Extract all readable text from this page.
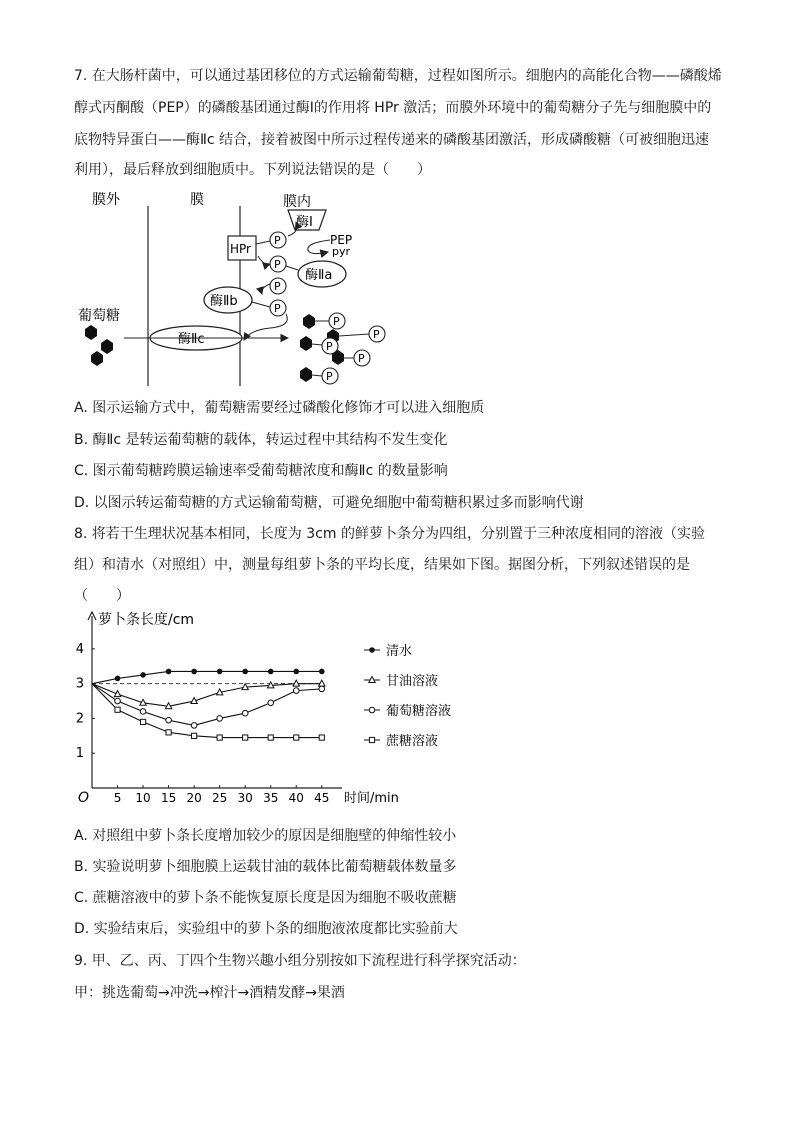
7. 在大肠杆菌中，可以通过基团移位的方式运输葡萄糖，过程如图所示。细胞内的高能化合物——磷酸烯
醇式丙酮酸（PEP）的磷酸基团通过酶Ⅰ的作用将 HPr 激活；而膜外环境中的葡萄糖分子先与细胞膜中的
底物特异蛋白——酶Ⅱc 结合，接着被图中所示过程传递来的磷酸基团激活，形成磷酸糖（可被细胞迅速
利用），最后释放到细胞质中。下列说法错误的是（　　）
膜外	膜	膜内
酶Ⅰ
PEP
pyr
HPr
P
P
酶Ⅱa
P
酶Ⅱb	P
酶Ⅱc
葡萄糖	P
P
P
P
P
A. 图示运输方式中，葡萄糖需要经过磷酸化修饰才可以进入细胞质
B. 酶Ⅱc 是转运葡萄糖的载体，转运过程中其结构不发生变化
C. 图示葡萄糖跨膜运输速率受葡萄糖浓度和酶Ⅱc 的数量影响
D. 以图示转运葡萄糖的方式运输葡萄糖，可避免细胞中葡萄糖积累过多而影响代谢
8. 将若干生理状况基本相同，长度为 3cm 的鲜萝卜条分为四组，分别置于三种浓度相同的溶液（实验
组）和清水（对照组）中，测量每组萝卜条的平均长度，结果如下图。据图分析，下列叙述错误的是
（　　）
萝卜条长度/cm
时间/min
O 5 10 15 20 25 30 35 40 45
1
2
3
4	清水
甘油溶液
葡萄糖溶液
蔗糖溶液
A. 对照组中萝卜条长度增加较少的原因是细胞壁的伸缩性较小
B. 实验说明萝卜细胞膜上运载甘油的载体比葡萄糖载体数量多
C. 蔗糖溶液中的萝卜条不能恢复原长度是因为细胞不吸收蔗糖
D. 实验结束后，实验组中的萝卜条的细胞液浓度都比实验前大
9. 甲、乙、丙、丁四个生物兴趣小组分别按如下流程进行科学探究活动：
甲：挑选葡萄→冲洗→榨汁→酒精发酵→果酒
